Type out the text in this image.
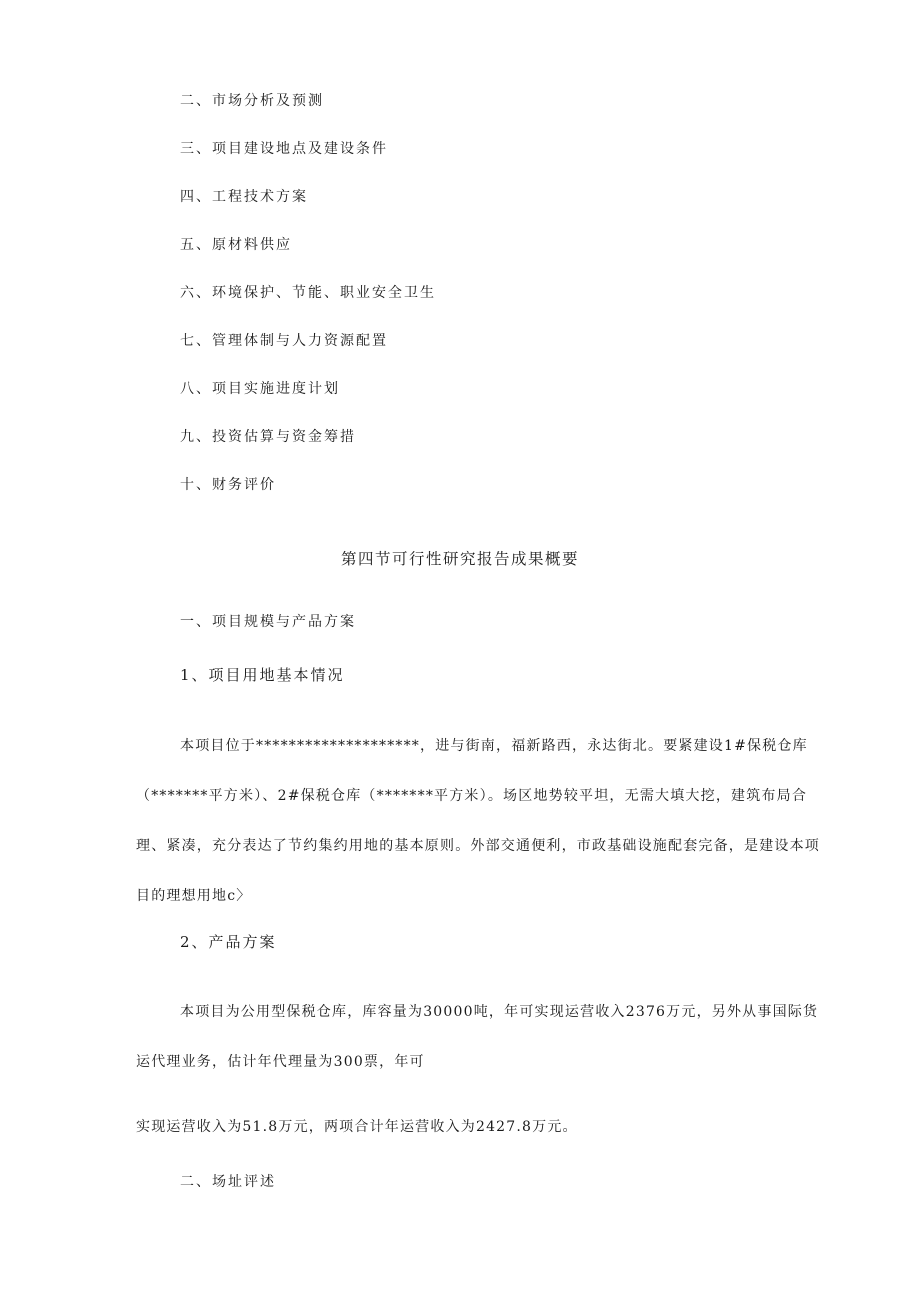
二、市场分析及预测
三、项目建设地点及建设条件
四、工程技术方案
五、原材料供应
六、环境保护、节能、职业安全卫生
七、管理体制与人力资源配置
八、项目实施进度计划
九、投资估算与资金筹措
十、财务评价
第四节可行性研究报告成果概要
一、项目规模与产品方案
1、项目用地基本情况
本项目位于********************，进与街南，福新路西，永达街北。要紧建设1#保税仓库（*******平方米）、2#保税仓库（*******平方米）。场区地势较平坦，无需大填大挖，建筑布局合理、紧凑，充分表达了节约集约用地的基本原则。外部交通便利，市政基础设施配套完备，是建设本项目的理想用地c〉
2、产品方案
本项目为公用型保税仓库，库容量为30000吨，年可实现运营收入2376万元，另外从事国际货运代理业务，估计年代理量为300票，年可
实现运营收入为51.8万元，两项合计年运营收入为2427.8万元。
二、场址评述
